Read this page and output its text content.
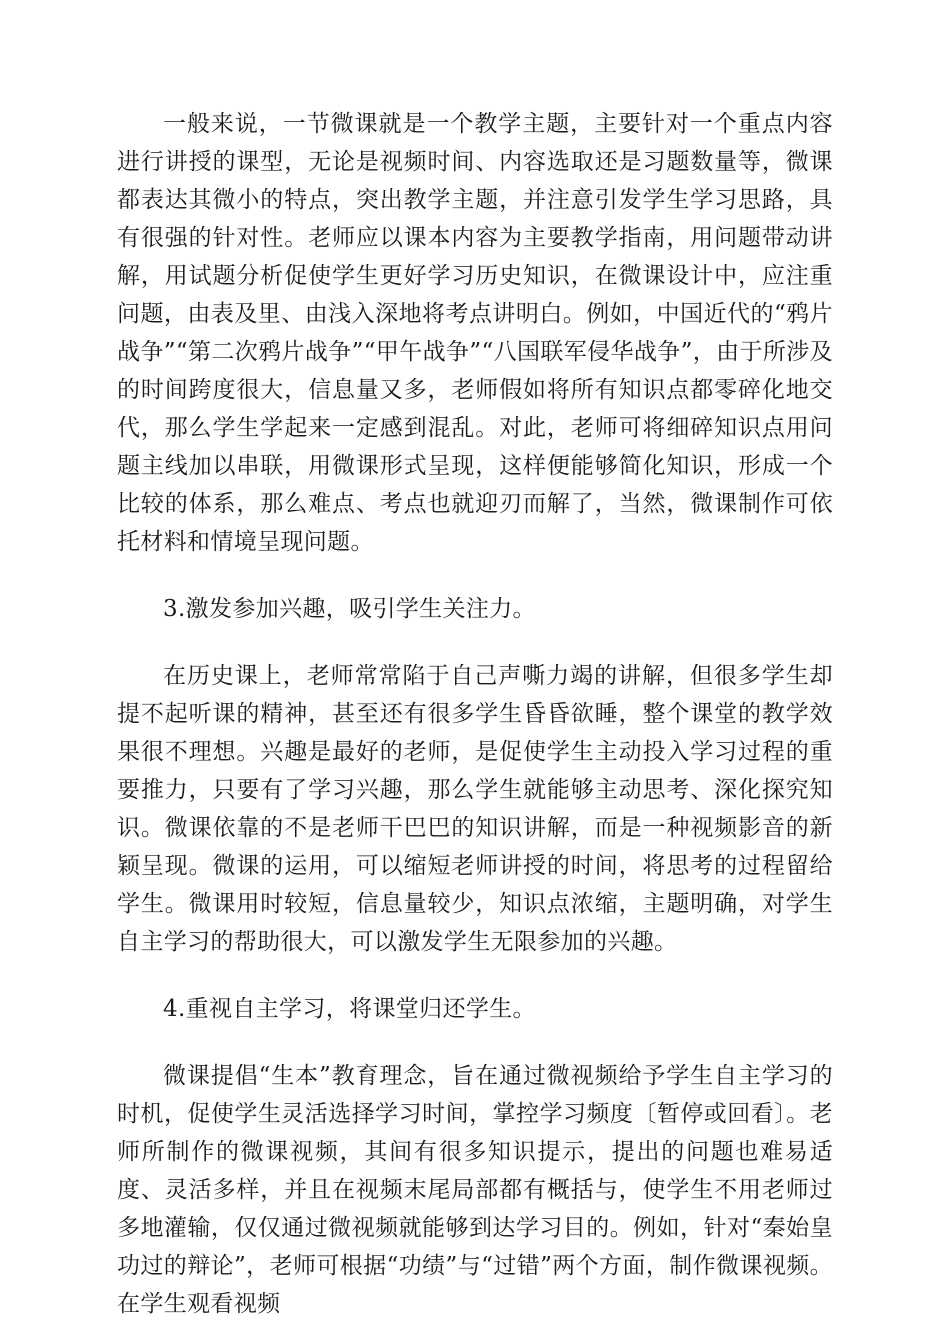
一般来说，一节微课就是一个教学主题，主要针对一个重点内容进行讲授的课型，无论是视频时间、内容选取还是习题数量等，微课都表达其微小的特点，突出教学主题，并注意引发学生学习思路，具有很强的针对性。老师应以课本内容为主要教学指南，用问题带动讲解，用试题分析促使学生更好学习历史知识，在微课设计中，应注重问题，由表及里、由浅入深地将考点讲明白。例如，中国近代的“鸦片战争”“第二次鸦片战争”“甲午战争”“八国联军侵华战争”，由于所涉及的时间跨度很大，信息量又多，老师假如将所有知识点都零碎化地交代，那么学生学起来一定感到混乱。对此，老师可将细碎知识点用问题主线加以串联，用微课形式呈现，这样便能够简化知识，形成一个比较的体系，那么难点、考点也就迎刃而解了，当然，微课制作可依托材料和情境呈现问题。

3.激发参加兴趣，吸引学生关注力。

在历史课上，老师常常陷于自己声嘶力竭的讲解，但很多学生却提不起听课的精神，甚至还有很多学生昏昏欲睡，整个课堂的教学效果很不理想。兴趣是最好的老师，是促使学生主动投入学习过程的重要推力，只要有了学习兴趣，那么学生就能够主动思考、深化探究知识。微课依靠的不是老师干巴巴的知识讲解，而是一种视频影音的新颖呈现。微课的运用，可以缩短老师讲授的时间，将思考的过程留给学生。微课用时较短，信息量较少，知识点浓缩，主题明确，对学生自主学习的帮助很大，可以激发学生无限参加的兴趣。

4.重视自主学习，将课堂归还学生。

微课提倡“生本”教育理念，旨在通过微视频给予学生自主学习的时机，促使学生灵活选择学习时间，掌控学习频度〔暂停或回看〕。老师所制作的微课视频，其间有很多知识提示，提出的问题也难易适度、灵活多样，并且在视频末尾局部都有概括与，使学生不用老师过多地灌输，仅仅通过微视频就能够到达学习目的。例如，针对“秦始皇功过的辩论”，老师可根据“功绩”与“过错”两个方面，制作微课视频。在学生观看视频
